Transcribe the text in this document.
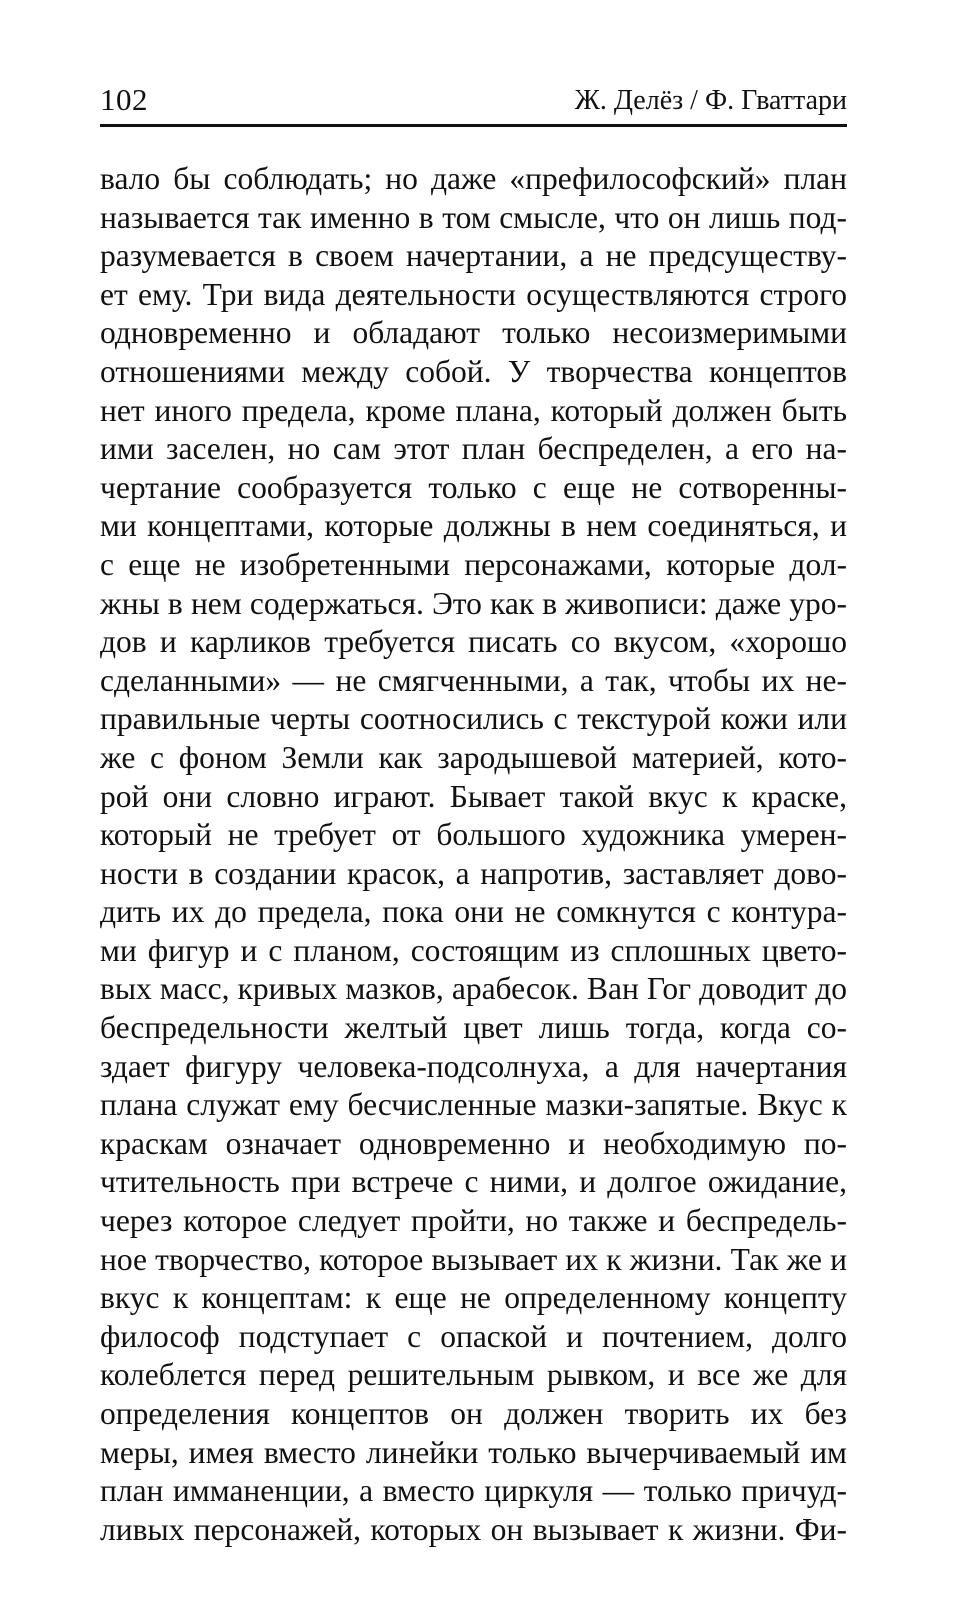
102	Ж. Делёз / Ф. Гваттари
вало бы соблюдать; но даже «префилософский» план
называется так именно в том смысле, что он лишь под-
разумевается в своем начертании, а не предсуществу-
ет ему. Три вида деятельности осуществляются строго
одновременно и обладают только несоизмеримыми
отношениями между собой. У творчества концептов
нет иного предела, кроме плана, который должен быть
ими заселен, но сам этот план беспределен, а его на-
чертание сообразуется только с еще не сотворенны-
ми концептами, которые должны в нем соединяться, и
с еще не изобретенными персонажами, которые дол-
жны в нем содержаться. Это как в живописи: даже уро-
дов и карликов требуется писать со вкусом, «хорошо
сделанными» — не смягченными, а так, чтобы их не-
правильные черты соотносились с текстурой кожи или
же с фоном Земли как зародышевой материей, кото-
рой они словно играют. Бывает такой вкус к краске,
который не требует от большого художника умерен-
ности в создании красок, а напротив, заставляет дово-
дить их до предела, пока они не сомкнутся с контура-
ми фигур и с планом, состоящим из сплошных цвето-
вых масс, кривых мазков, арабесок. Ван Гог доводит до
беспредельности желтый цвет лишь тогда, когда со-
здает фигуру человека-подсолнуха, а для начертания
плана служат ему бесчисленные мазки-запятые. Вкус к
краскам означает одновременно и необходимую по-
чтительность при встрече с ними, и долгое ожидание,
через которое следует пройти, но также и беспредель-
ное творчество, которое вызывает их к жизни. Так же и
вкус к концептам: к еще не определенному концепту
философ подступает с опаской и почтением, долго
колеблется перед решительным рывком, и все же для
определения концептов он должен творить их без
меры, имея вместо линейки только вычерчиваемый им
план имманенции, а вместо циркуля — только причуд-
ливых персонажей, которых он вызывает к жизни. Фи-
